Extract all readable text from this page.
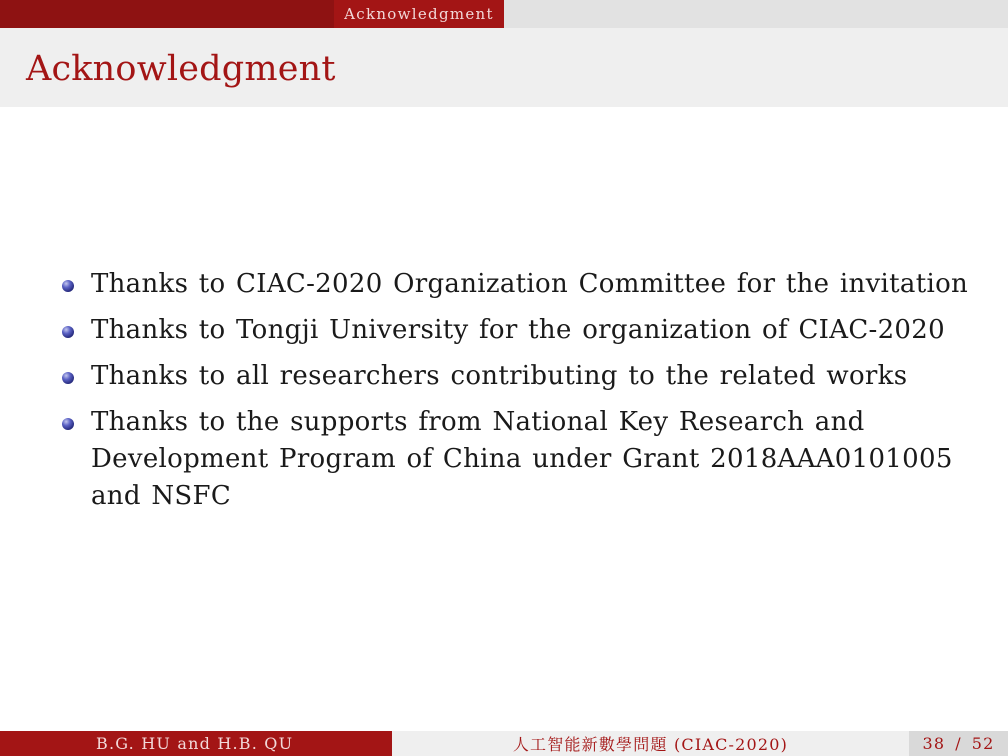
Acknowledgment
Acknowledgment
Thanks to CIAC-2020 Organization Committee for the invitation
Thanks to Tongji University for the organization of CIAC-2020
Thanks to all researchers contributing to the related works
Thanks to the supports from National Key Research and Development Program of China under Grant 2018AAA0101005 and NSFC
B.G. HU and H.B. QU	人工智能新數學問題 (CIAC-2020)	38 / 52
